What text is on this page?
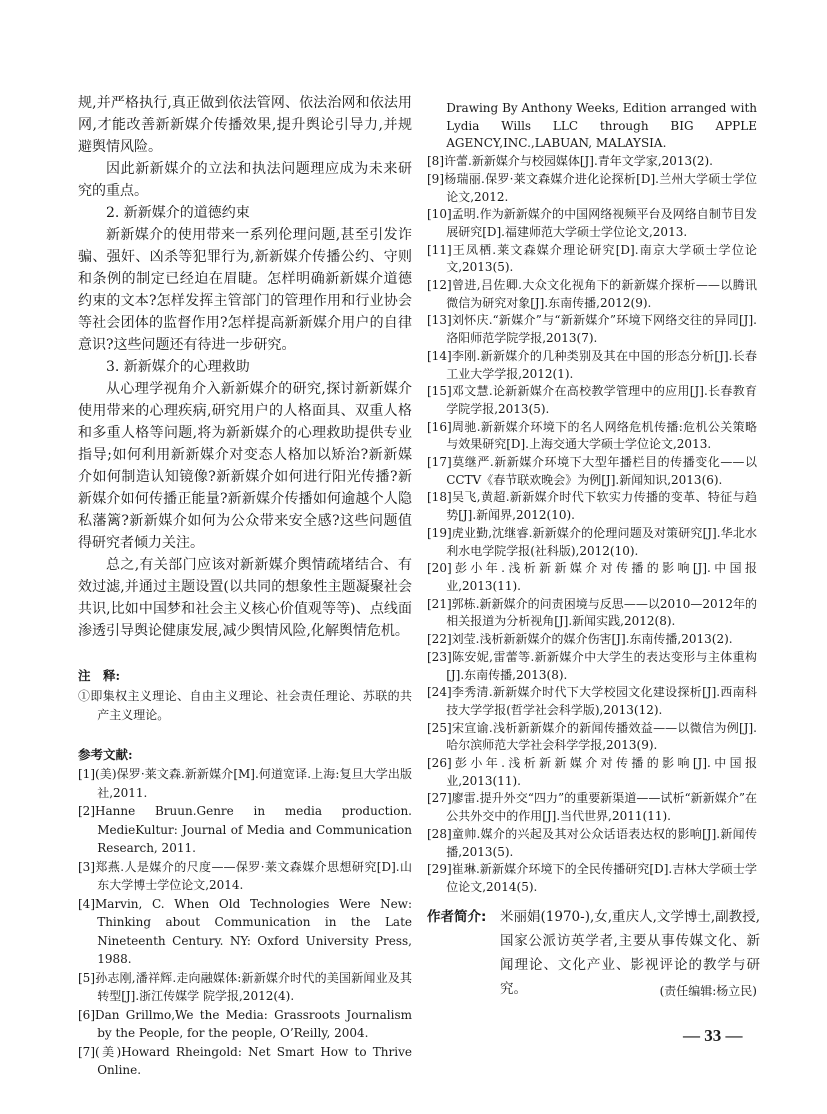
规,并严格执行,真正做到依法管网、依法治网和依法用网,才能改善新新媒介传播效果,提升舆论引导力,并规避舆情风险。

因此新新媒介的立法和执法问题理应成为未来研究的重点。

2. 新新媒介的道德约束

新新媒介的使用带来一系列伦理问题,甚至引发诈骗、强奸、凶杀等犯罪行为,新新媒介传播公约、守则和条例的制定已经迫在眉睫。怎样明确新新媒介道德约束的文本?怎样发挥主管部门的管理作用和行业协会等社会团体的监督作用?怎样提高新新媒介用户的自律意识?这些问题还有待进一步研究。

3. 新新媒介的心理救助

从心理学视角介入新新媒介的研究,探讨新新媒介使用带来的心理疾病,研究用户的人格面具、双重人格和多重人格等问题,将为新新媒介的心理救助提供专业指导;如何利用新新媒介对变态人格加以矫治?新新媒介如何制造认知镜像?新新媒介如何进行阳光传播?新新媒介如何传播正能量?新新媒介传播如何逾越个人隐私藩篱?新新媒介如何为公众带来安全感?这些问题值得研究者倾力关注。

总之,有关部门应该对新新媒介舆情疏堵结合、有效过滤,并通过主题设置(以共同的想象性主题凝聚社会共识,比如中国梦和社会主义核心价值观等等)、点线面渗透引导舆论健康发展,减少舆情风险,化解舆情危机。

注　释:
①即集权主义理论、自由主义理论、社会责任理论、苏联的共产主义理论。
参考文献:
[1](美)保罗·莱文森.新新媒介[M].何道宽译.上海:复旦大学出版社,2011.
[2]Hanne Bruun.Genre in media production. MedieKultur: Journal of Media and Communication Research, 2011.
[3]郑燕.人是媒介的尺度——保罗·莱文森媒介思想研究[D].山东大学博士学位论文,2014.
[4]Marvin, C. When Old Technologies Were New: Thinking about Communication in the Late Nineteenth Century. NY: Oxford University Press, 1988.
[5]孙志刚,潘祥辉.走向融媒体:新新媒介时代的美国新闻业及其转型[J].浙江传媒学 院学报,2012(4).
[6]Dan Grillmo,We the Media: Grassroots Journalism by the People, for the people, O’Reilly, 2004.
[7](美)Howard Rheingold: Net Smart How to Thrive Online.
Drawing By Anthony Weeks, Edition arranged with Lydia Wills LLC through BIG APPLE AGENCY,INC.,LABUAN, MALAYSIA.
[8]许蕾.新新媒介与校园媒体[J].青年文学家,2013(2).
[9]杨瑞丽.保罗·莱文森媒介进化论探析[D].兰州大学硕士学位论文,2012.
[10]孟明.作为新新媒介的中国网络视频平台及网络自制节目发展研究[D].福建师范大学硕士学位论文,2013.
[11]王凤栖.莱文森媒介理论研究[D].南京大学硕士学位论文,2013(5).
[12]曾进,吕佐卿.大众文化视角下的新新媒介探析——以腾讯微信为研究对象[J].东南传播,2012(9).
[13]刘怀庆.“新媒介”与“新新媒介”环境下网络交往的异同[J].洛阳师范学院学报,2013(7).
[14]李刚.新新媒介的几种类别及其在中国的形态分析[J].长春工业大学学报,2012(1).
[15]邓文慧.论新新媒介在高校教学管理中的应用[J].长春教育学院学报,2013(5).
[16]周驰.新新媒介环境下的名人网络危机传播:危机公关策略与效果研究[D].上海交通大学硕士学位论文,2013.
[17]莫继严.新新媒介环境下大型年播栏目的传播变化——以CCTV《春节联欢晚会》为例[J].新闻知识,2013(6).
[18]吴飞,黄超.新新媒介时代下软实力传播的变革、特征与趋势[J].新闻界,2012(10).
[19]虎业勤,沈继睿.新新媒介的伦理问题及对策研究[J].华北水利水电学院学报(社科版),2012(10).
[20]彭小年.浅析新新媒介对传播的影响[J].中国报业,2013(11).
[21]郭栋.新新媒介的问责困境与反思——以2010—2012年的相关报道为分析视角[J].新闻实践,2012(8).
[22]刘莹.浅析新新媒介的媒介伤害[J].东南传播,2013(2).
[23]陈安妮,雷蕾等.新新媒介中大学生的表达变形与主体重构[J].东南传播,2013(8).
[24]李秀清.新新媒介时代下大学校园文化建设探析[J].西南科技大学学报(哲学社会科学版),2013(12).
[25]宋宣谕.浅析新新媒介的新闻传播效益——以微信为例[J].哈尔滨师范大学社会科学学报,2013(9).
[26]彭小年.浅析新新媒介对传播的影响[J].中国报业,2013(11).
[27]廖雷.提升外交“四力”的重要新渠道——试析“新新媒介”在公共外交中的作用[J].当代世界,2011(11).
[28]童帅.媒介的兴起及其对公众话语表达权的影响[J].新闻传播,2013(5).
[29]崔琳.新新媒介环境下的全民传播研究[D].吉林大学硕士学位论文,2014(5).
作者简介: 米丽娟(1970-),女,重庆人,文学博士,副教授,国家公派访英学者,主要从事传媒文化、新闻理论、文化产业、影视评论的教学与研究。	(责任编辑:杨立民)
— 33 —
